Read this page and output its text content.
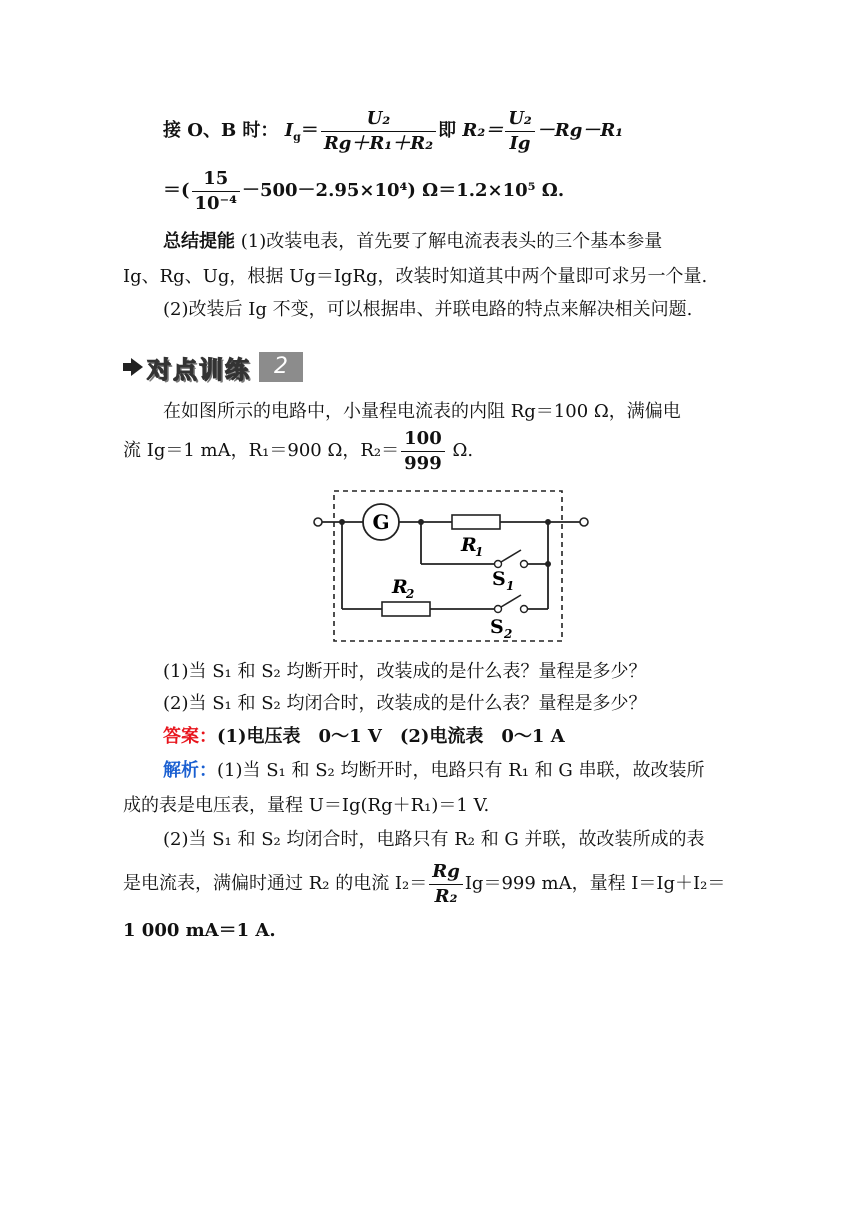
接 O、B 时： $I_g= \frac{\text{U₂}}{\text{Rg＋R₁＋R₂}}$ 即 $R_2= \frac{\text{U₂}}{Ig} -Rg-R_1$
＝( $\frac{15}{\text{10⁻⁴}} -500-2.95\times 10^4$) Ω＝1.2×10⁵ Ω.
总结提能 (1)改装电表，首先要了解电流表表头的三个基本参量
Ig、Rg、Ug，根据 Ug＝IgRg，改装时知道其中两个量即可求另一个量.
(2)改装后 Ig 不变，可以根据串、并联电路的特点来解决相关问题.
对点训练	2
在如图所示的电路中，小量程电流表的内阻 Rg＝100 Ω，满偏电
流 Ig＝1 mA，R₁＝900 Ω，$R_2= \frac{100}{999} \Omega$.
G
R
1
S 1
R
2
S 2
(1)当 S₁ 和 S₂ 均断开时，改装成的是什么表？量程是多少？
(2)当 S₁ 和 S₂ 均闭合时，改装成的是什么表？量程是多少？
答案：(1)电压表　0～1 V　(2)电流表　0～1 A
解析：(1)当 S₁ 和 S₂ 均断开时，电路只有 R₁ 和 G 串联，故改装所
成的表是电压表，量程 U＝Ig(Rg＋R₁)＝1 V.
(2)当 S₁ 和 S₂ 均闭合时，电路只有 R₂ 和 G 并联，故改装所成的表
是电流表，满偏时通过 R₂ 的电流 $I_2= \frac{Rg}{\text{R₂}} Ig=999$ mA，量程 I＝Ig＋I₂＝
1 000 mA＝1 A.
